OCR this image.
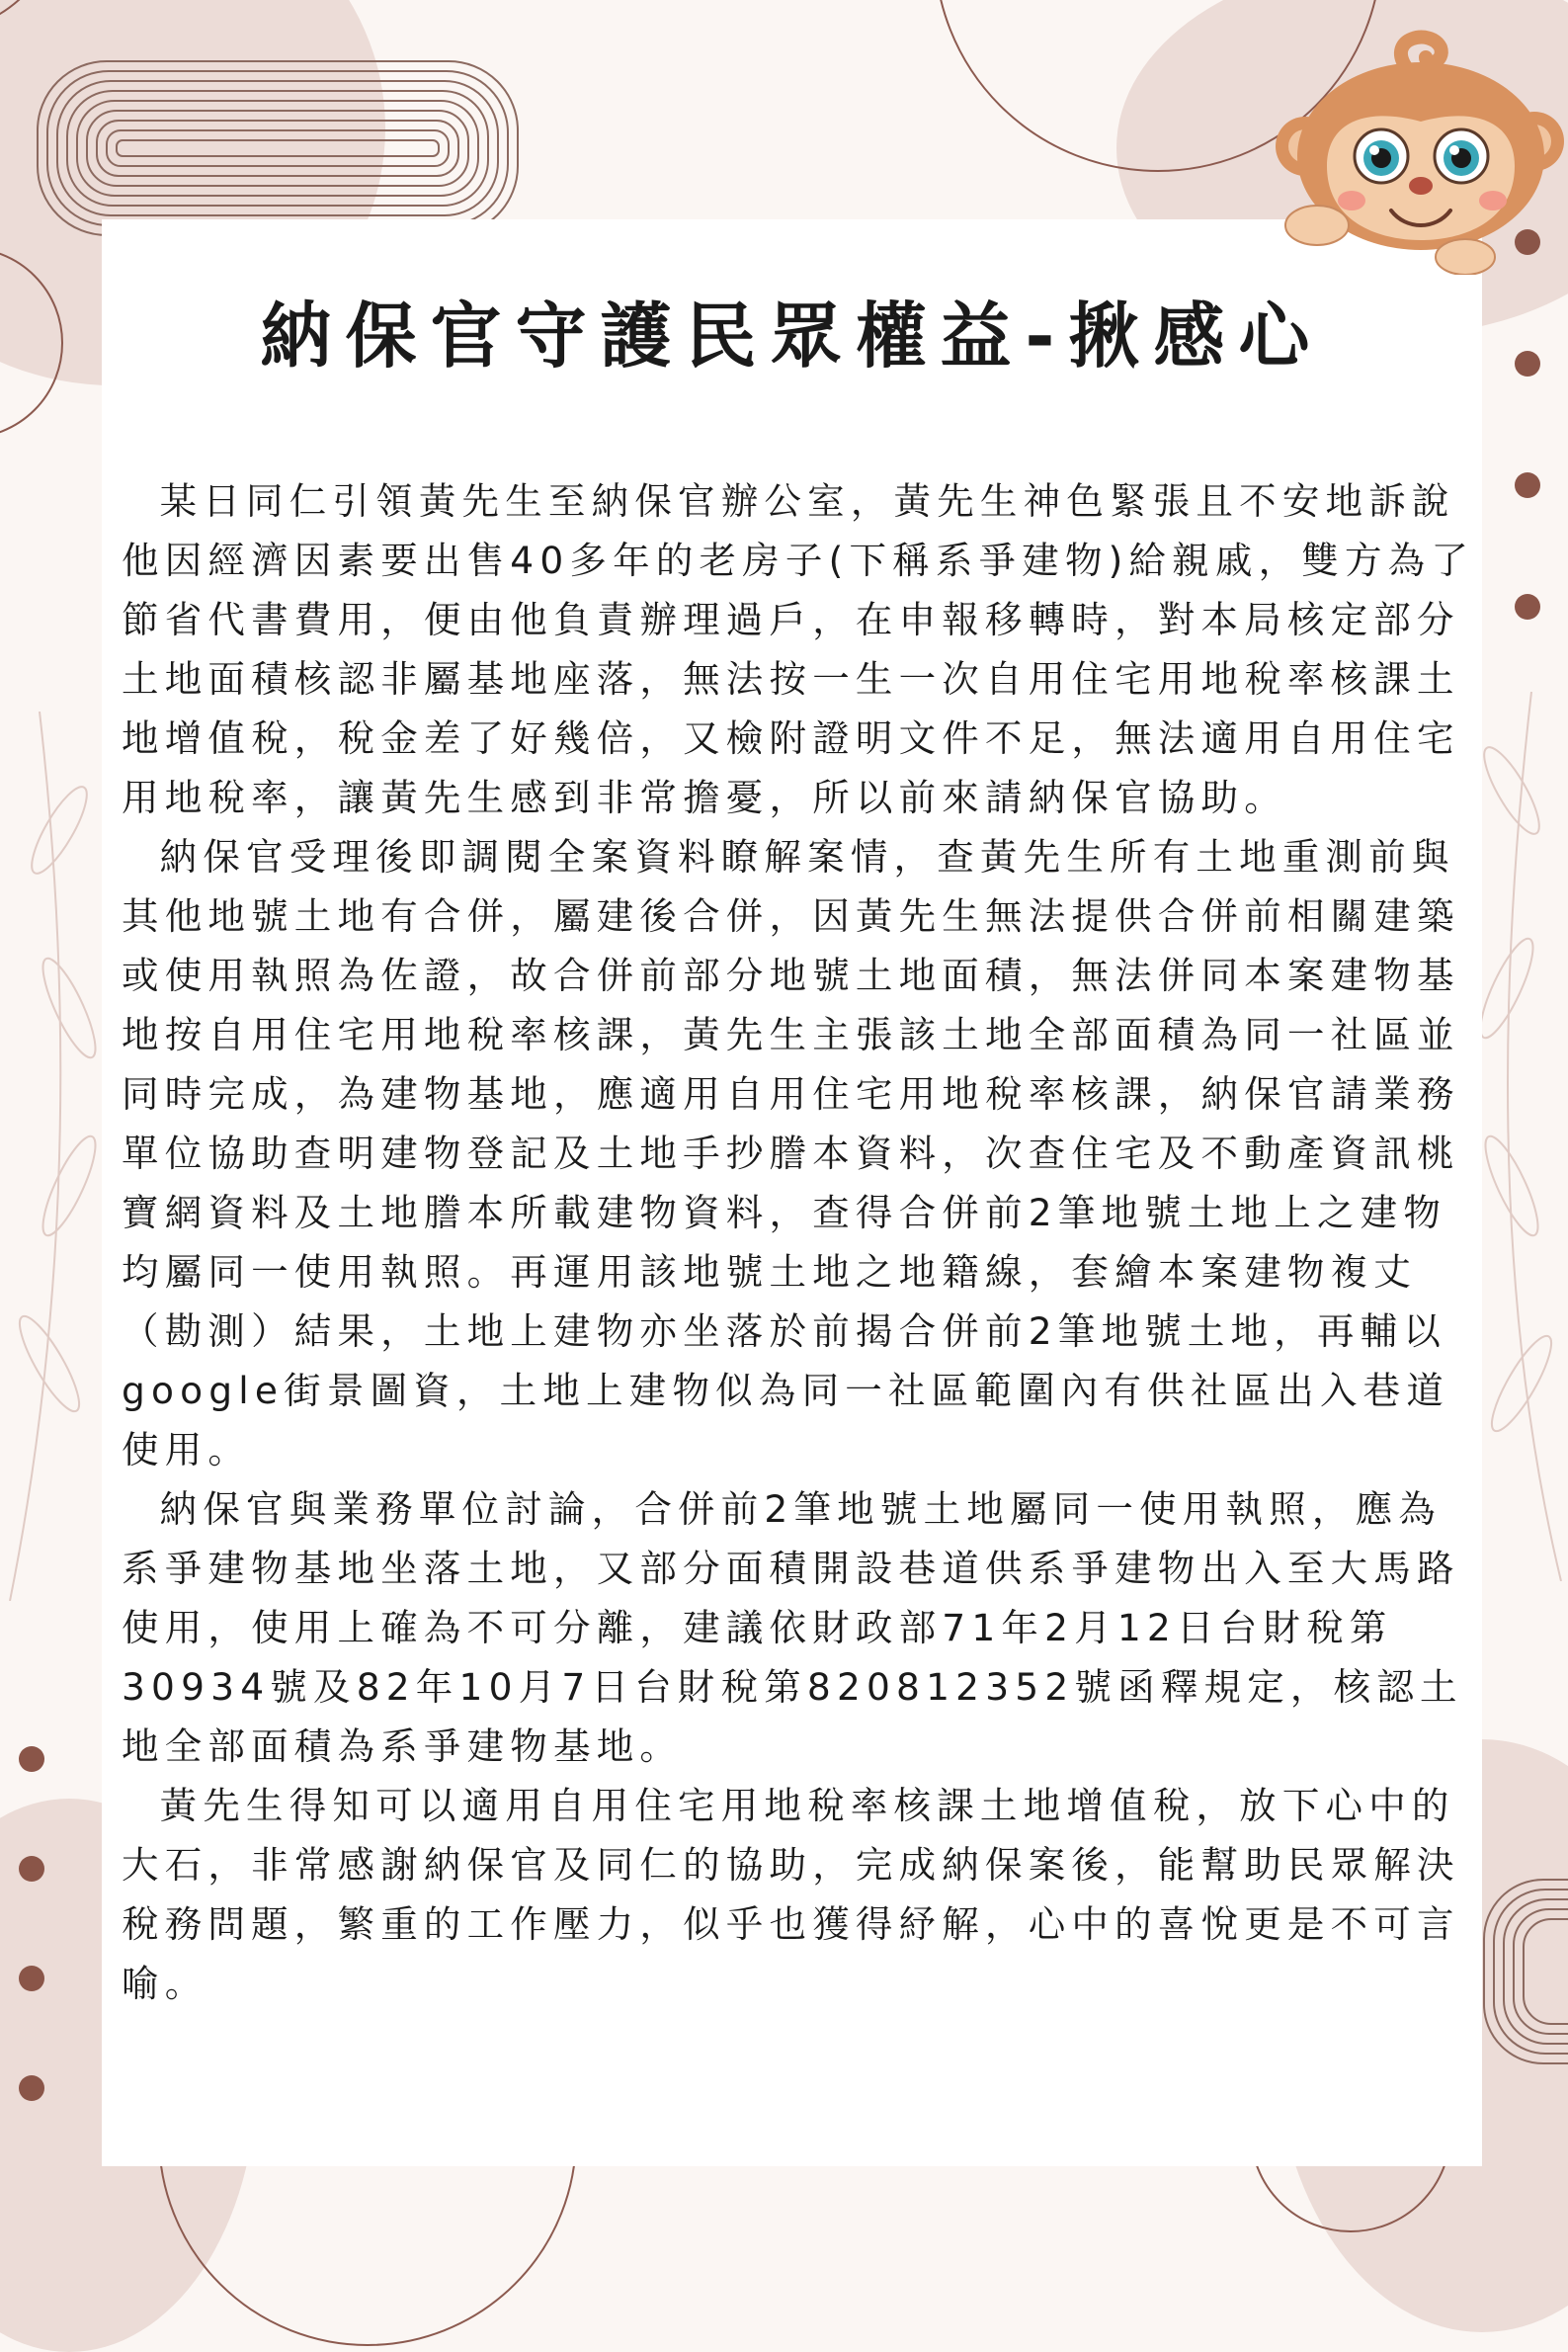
納保官守護民眾權益-揪感心

某日同仁引領黃先生至納保官辦公室，黃先生神色緊張且不安地訴說他因經濟因素要出售40多年的老房子(下稱系爭建物)給親戚，雙方為了節省代書費用，便由他負責辦理過戶，在申報移轉時，對本局核定部分土地面積核認非屬基地座落，無法按一生一次自用住宅用地稅率核課土地增值稅，稅金差了好幾倍，又檢附證明文件不足，無法適用自用住宅用地稅率，讓黃先生感到非常擔憂，所以前來請納保官協助。

納保官受理後即調閱全案資料瞭解案情，查黃先生所有土地重測前與其他地號土地有合併，屬建後合併，因黃先生無法提供合併前相關建築或使用執照為佐證，故合併前部分地號土地面積，無法併同本案建物基地按自用住宅用地稅率核課，黃先生主張該土地全部面積為同一社區並同時完成，為建物基地，應適用自用住宅用地稅率核課，納保官請業務單位協助查明建物登記及土地手抄謄本資料，次查住宅及不動產資訊桃寶網資料及土地謄本所載建物資料，查得合併前2筆地號土地上之建物均屬同一使用執照。再運用該地號土地之地籍線，套繪本案建物複丈（勘測）結果，土地上建物亦坐落於前揭合併前2筆地號土地，再輔以google街景圖資，土地上建物似為同一社區範圍內有供社區出入巷道使用。

納保官與業務單位討論，合併前2筆地號土地屬同一使用執照，應為系爭建物基地坐落土地，又部分面積開設巷道供系爭建物出入至大馬路使用，使用上確為不可分離，建議依財政部71年2月12日台財稅第30934號及82年10月7日台財稅第820812352號函釋規定，核認土地全部面積為系爭建物基地。

黃先生得知可以適用自用住宅用地稅率核課土地增值稅，放下心中的大石，非常感謝納保官及同仁的協助，完成納保案後，能幫助民眾解決稅務問題，繁重的工作壓力，似乎也獲得紓解，心中的喜悅更是不可言喻。
